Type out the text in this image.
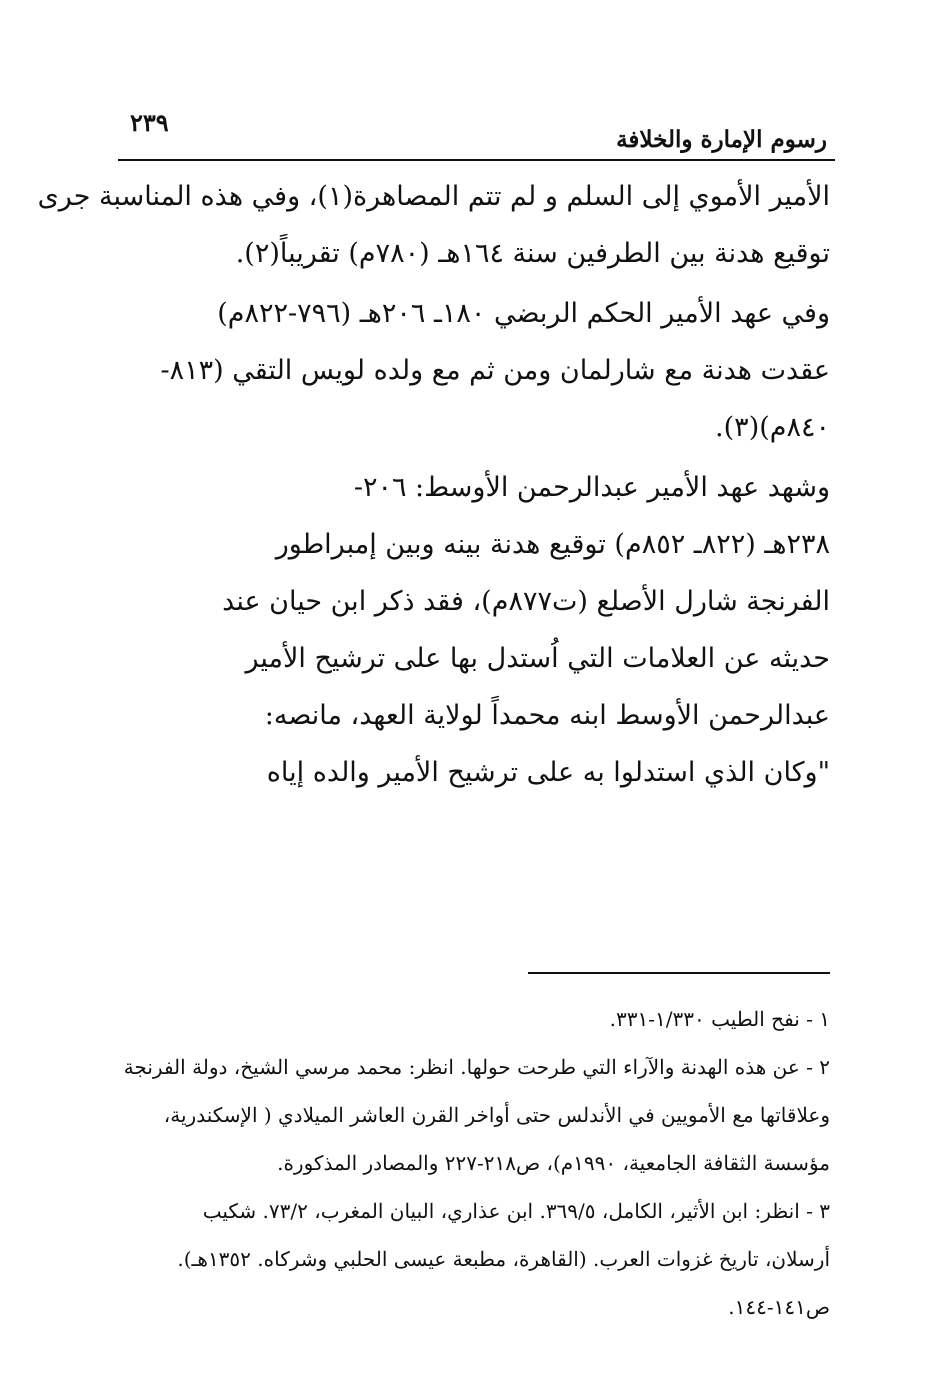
٢٣٩
رسوم الإمارة والخلافة
الأمير الأموي إلى السلم و لم تتم المصاهرة(١)، وفي هذه المناسبة جرى
توقيع هدنة بين الطرفين سنة ١٦٤هـ (٧٨٠م) تقريباً(٢).
وفي عهد الأمير الحكم الربضي ١٨٠ـ ٢٠٦هـ (٧٩٦-٨٢٢م)
عقدت هدنة مع شارلمان ومن ثم مع ولده لويس التقي (٨١٣-
٨٤٠م)(٣).
وشهد عهد الأمير عبدالرحمن الأوسط: ٢٠٦-
٢٣٨هـ (٨٢٢ـ ٨٥٢م) توقيع هدنة بينه وبين إمبراطور
الفرنجة شارل الأصلع (ت٨٧٧م)، فقد ذكر ابن حيان عند
حديثه عن العلامات التي اُستدل بها على ترشيح الأمير
عبدالرحمن الأوسط ابنه محمداً لولاية العهد، مانصه:
"وكان الذي استدلوا به على ترشيح الأمير والده إياه
١ - نفح الطيب ١/٣٣٠-٣٣١.
٢ - عن هذه الهدنة والآراء التي طرحت حولها. انظر: محمد مرسي الشيخ، دولة الفرنجة
وعلاقاتها مع الأمويين في الأندلس حتى أواخر القرن العاشر الميلادي ( الإسكندرية،
مؤسسة الثقافة الجامعية، ١٩٩٠م)، ص٢١٨-٢٢٧ والمصادر المذكورة.
٣ - انظر: ابن الأثير، الكامل، ٣٦٩/٥. ابن عذاري، البيان المغرب، ٧٣/٢. شكيب
أرسلان، تاريخ غزوات العرب. (القاهرة، مطبعة عيسى الحلبي وشركاه. ١٣٥٢هـ).
ص١٤١-١٤٤.
